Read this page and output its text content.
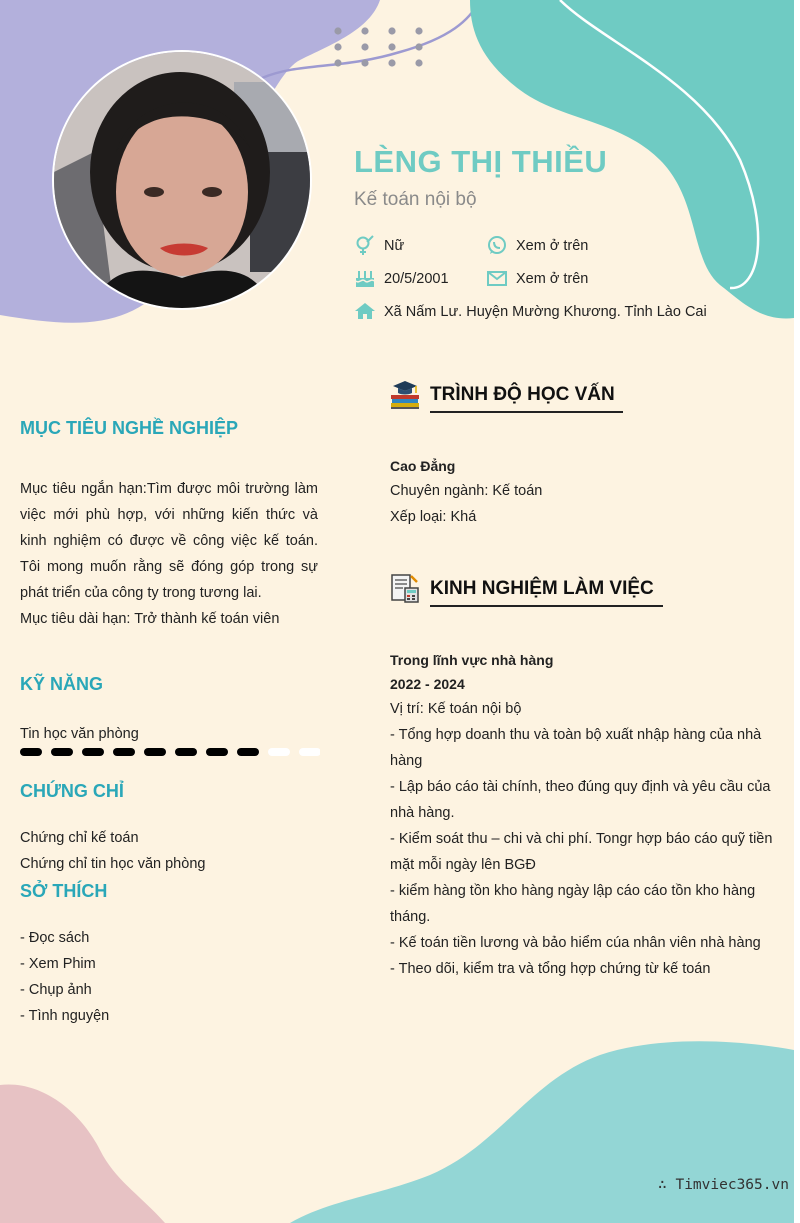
LÈNG THỊ THIỀU
Kế toán nội bộ
Nữ	Xem ở trên
20/5/2001	Xem ở trên
Xã Nấm Lư. Huyện Mường Khương. Tỉnh Lào Cai
MỤC TIÊU NGHỀ NGHIỆP
Mục tiêu ngắn hạn:Tìm được môi trường làm việc mới phù hợp, với những kiến thức và kinh nghiệm có được về công việc kế toán. Tôi mong muốn rằng sẽ đóng góp trong sự phát triển của công ty trong tương lai.
Mục tiêu dài hạn: Trở thành kế toán viên
KỸ NĂNG
Tin học văn phòng
CHỨNG CHỈ
Chứng chỉ kế toán
Chứng chỉ tin học văn phòng
SỞ THÍCH
- Đọc sách
- Xem Phim
- Chụp ảnh
- Tình nguyện
TRÌNH ĐỘ HỌC VẤN
Cao Đẳng
Chuyên ngành: Kế toán
Xếp loại: Khá
KINH NGHIỆM LÀM VIỆC
Trong lĩnh vực nhà hàng
2022 - 2024
Vị trí: Kế toán nội bộ
- Tổng hợp doanh thu và toàn bộ xuất nhập hàng của nhà hàng
- Lập báo cáo tài chính, theo đúng quy định và yêu cầu của nhà hàng.
- Kiểm soát thu – chi và chi phí. Tongr hợp báo cáo quỹ tiền mặt mỗi ngày lên BGĐ
- kiểm hàng tồn kho hàng ngày lập cáo cáo tồn kho hàng tháng.
- Kế toán tiền lương và bảo hiểm cúa nhân viên nhà hàng
- Theo dõi, kiểm tra và tổng hợp chứng từ kế toán
∴ Timviec365.vn
